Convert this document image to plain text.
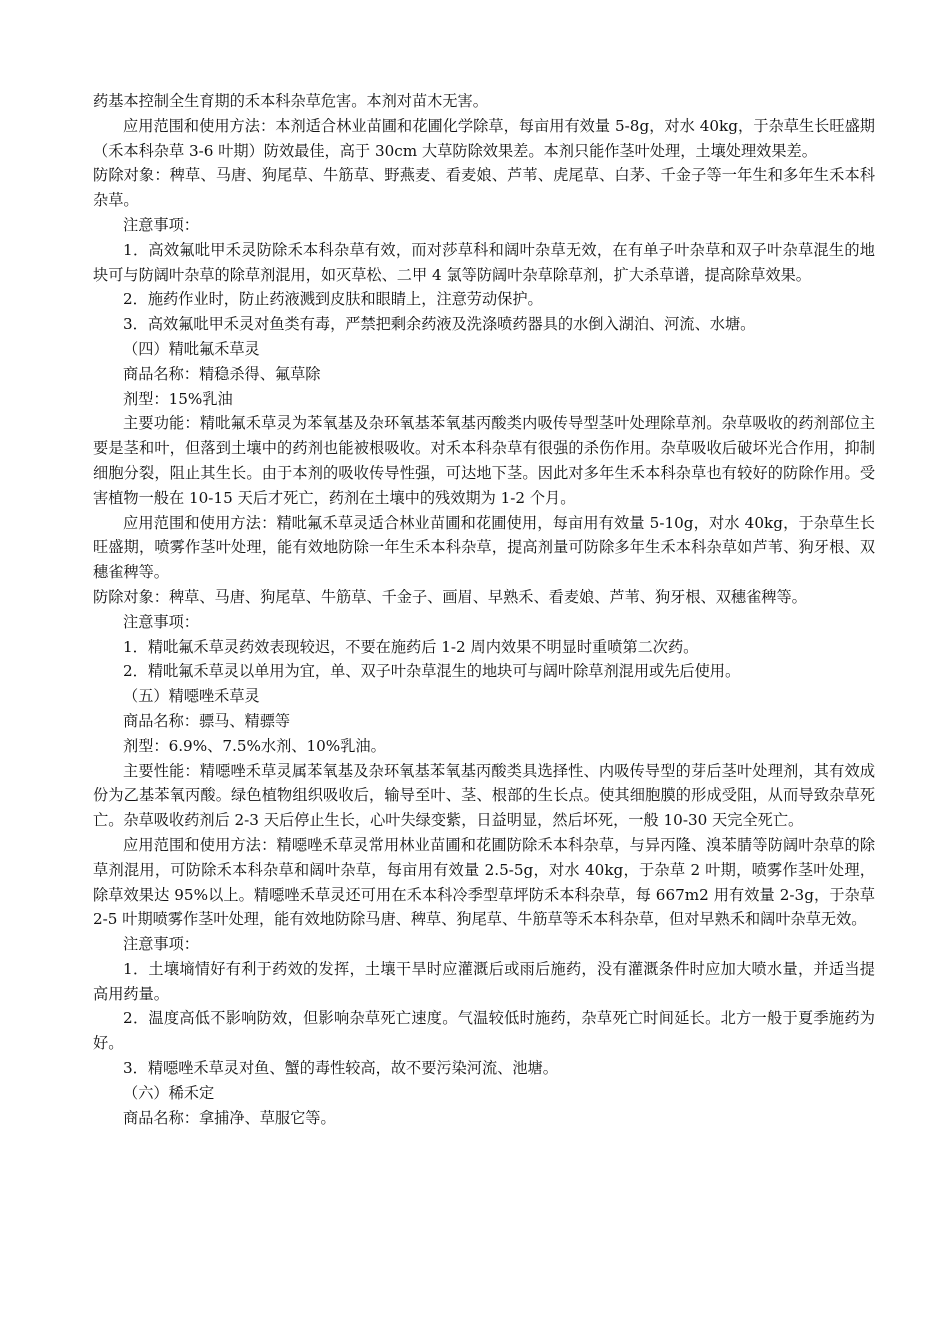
药基本控制全生育期的禾本科杂草危害。本剂对苗木无害。

应用范围和使用方法：本剂适合林业苗圃和花圃化学除草，每亩用有效量 5-8g，对水 40kg，于杂草生长旺盛期（禾本科杂草 3-6 叶期）防效最佳，高于 30cm 大草防除效果差。本剂只能作茎叶处理，土壤处理效果差。

防除对象：稗草、马唐、狗尾草、牛筋草、野燕麦、看麦娘、芦苇、虎尾草、白茅、千金子等一年生和多年生禾本科杂草。

注意事项：

1．高效氟吡甲禾灵防除禾本科杂草有效，而对莎草科和阔叶杂草无效，在有单子叶杂草和双子叶杂草混生的地块可与防阔叶杂草的除草剂混用，如灭草松、二甲 4 氯等防阔叶杂草除草剂，扩大杀草谱，提高除草效果。

2．施药作业时，防止药液溅到皮肤和眼睛上，注意劳动保护。

3．高效氟吡甲禾灵对鱼类有毒，严禁把剩余药液及洗涤喷药器具的水倒入湖泊、河流、水塘。

（四）精吡氟禾草灵

商品名称：精稳杀得、氟草除

剂型：15%乳油

主要功能：精吡氟禾草灵为苯氧基及杂环氧基苯氧基丙酸类内吸传导型茎叶处理除草剂。杂草吸收的药剂部位主要是茎和叶，但落到土壤中的药剂也能被根吸收。对禾本科杂草有很强的杀伤作用。杂草吸收后破坏光合作用，抑制细胞分裂，阻止其生长。由于本剂的吸收传导性强，可达地下茎。因此对多年生禾本科杂草也有较好的防除作用。受害植物一般在 10-15 天后才死亡，药剂在土壤中的残效期为 1-2 个月。

应用范围和使用方法：精吡氟禾草灵适合林业苗圃和花圃使用，每亩用有效量 5-10g，对水 40kg，于杂草生长旺盛期，喷雾作茎叶处理，能有效地防除一年生禾本科杂草，提高剂量可防除多年生禾本科杂草如芦苇、狗牙根、双穗雀稗等。

防除对象：稗草、马唐、狗尾草、牛筋草、千金子、画眉、早熟禾、看麦娘、芦苇、狗牙根、双穗雀稗等。

注意事项：

1．精吡氟禾草灵药效表现较迟，不要在施药后 1-2 周内效果不明显时重喷第二次药。

2．精吡氟禾草灵以单用为宜，单、双子叶杂草混生的地块可与阔叶除草剂混用或先后使用。

（五）精噁唑禾草灵

商品名称：骠马、精骠等

剂型：6.9%、7.5%水剂、10%乳油。

主要性能：精噁唑禾草灵属苯氧基及杂环氧基苯氧基丙酸类具选择性、内吸传导型的芽后茎叶处理剂，其有效成份为乙基苯氧丙酸。绿色植物组织吸收后，输导至叶、茎、根部的生长点。使其细胞膜的形成受阻，从而导致杂草死亡。杂草吸收药剂后 2-3 天后停止生长，心叶失绿变紫，日益明显，然后坏死，一般 10-30 天完全死亡。

应用范围和使用方法：精噁唑禾草灵常用林业苗圃和花圃防除禾本科杂草，与异丙隆、溴苯腈等防阔叶杂草的除草剂混用，可防除禾本科杂草和阔叶杂草，每亩用有效量 2.5-5g，对水 40kg，于杂草 2 叶期，喷雾作茎叶处理，除草效果达 95%以上。精噁唑禾草灵还可用在禾本科冷季型草坪防禾本科杂草，每 667m2 用有效量 2-3g，于杂草 2-5 叶期喷雾作茎叶处理，能有效地防除马唐、稗草、狗尾草、牛筋草等禾本科杂草，但对早熟禾和阔叶杂草无效。

注意事项：

1．土壤墒情好有利于药效的发挥，土壤干旱时应灌溉后或雨后施药，没有灌溉条件时应加大喷水量，并适当提高用药量。

2．温度高低不影响防效，但影响杂草死亡速度。气温较低时施药，杂草死亡时间延长。北方一般于夏季施药为好。

3．精噁唑禾草灵对鱼、蟹的毒性较高，故不要污染河流、池塘。

（六）稀禾定

商品名称：拿捕净、草服它等。
